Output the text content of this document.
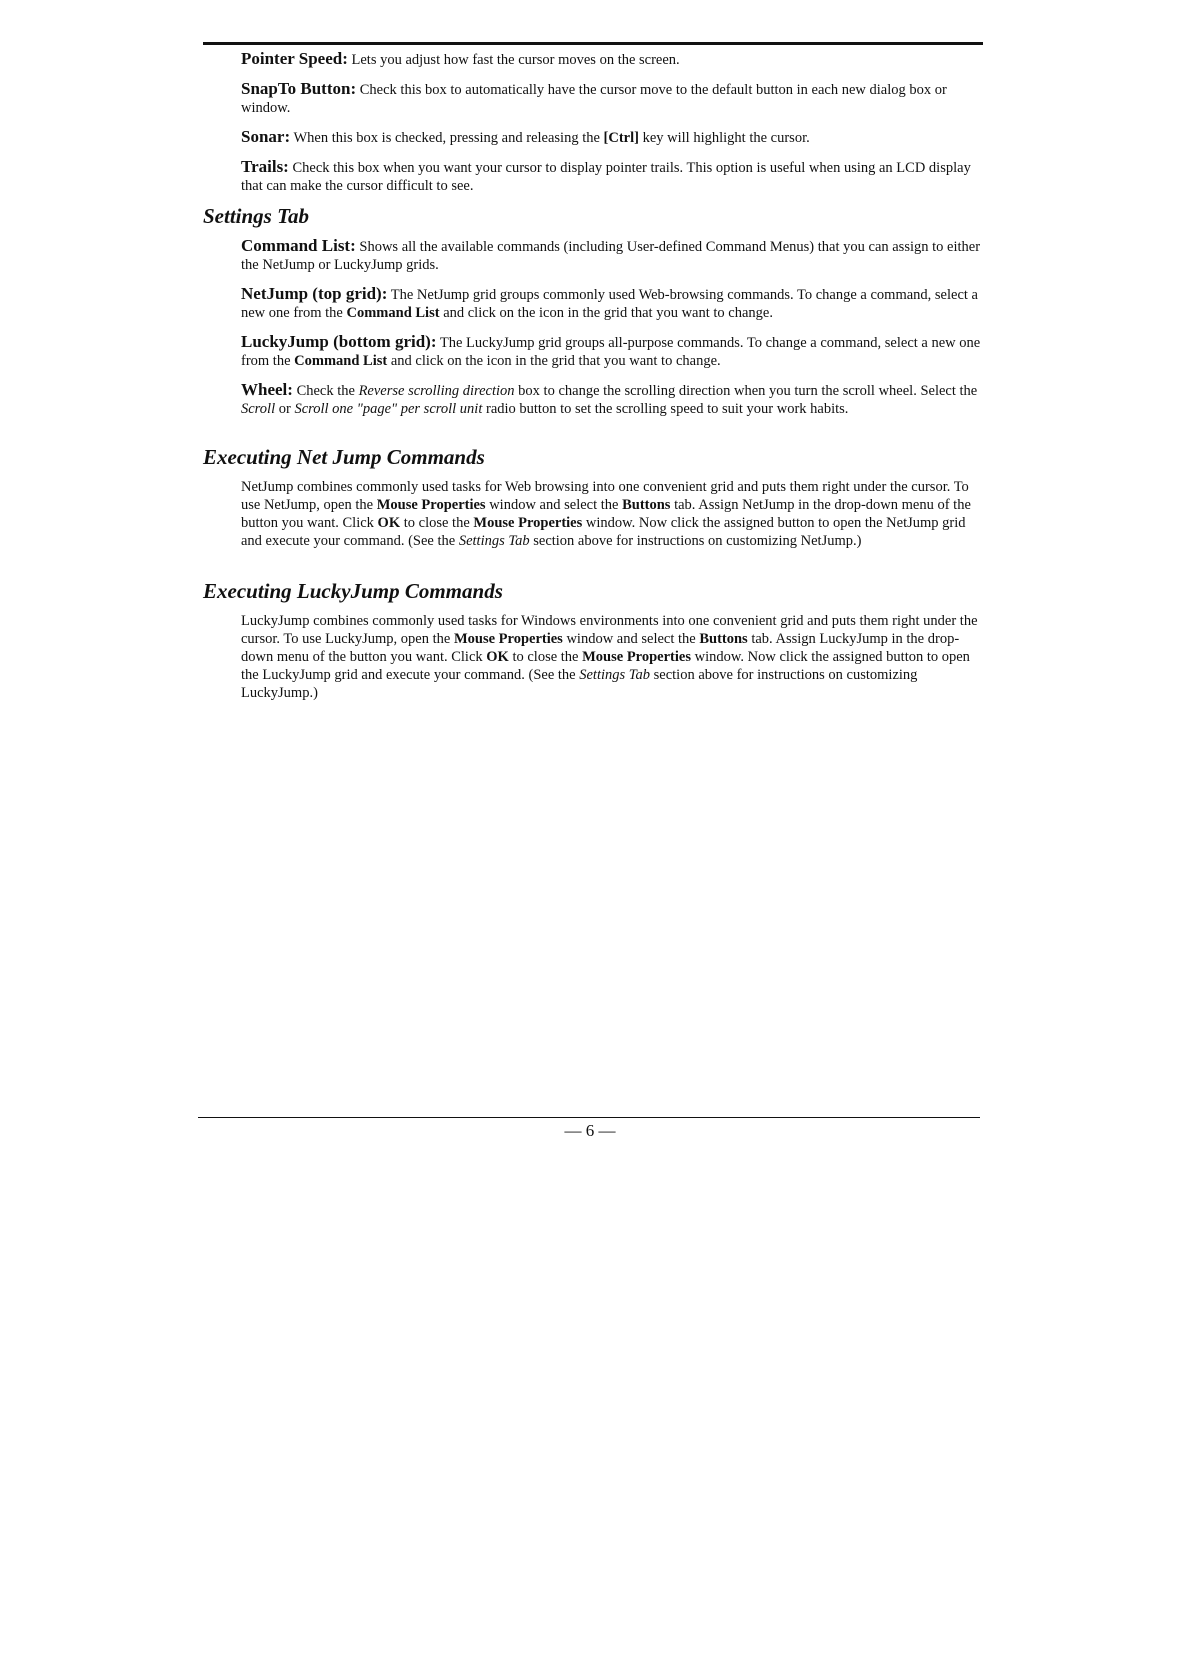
Pointer Speed: Lets you adjust how fast the cursor moves on the screen.

SnapTo Button: Check this box to automatically have the cursor move to the default button in each new dialog box or window.

Sonar: When this box is checked, pressing and releasing the [Ctrl] key will highlight the cursor.

Trails: Check this box when you want your cursor to display pointer trails. This option is useful when using an LCD display that can make the cursor difficult to see.

Settings Tab

Command List: Shows all the available commands (including User-defined Command Menus) that you can assign to either the NetJump or LuckyJump grids.

NetJump (top grid): The NetJump grid groups commonly used Web-browsing commands. To change a command, select a new one from the Command List and click on the icon in the grid that you want to change.

LuckyJump (bottom grid): The LuckyJump grid groups all-purpose commands. To change a command, select a new one from the Command List and click on the icon in the grid that you want to change.

Wheel: Check the Reverse scrolling direction box to change the scrolling direction when you turn the scroll wheel. Select the Scroll or Scroll one "page" per scroll unit radio button to set the scrolling speed to suit your work habits.

Executing Net Jump Commands

NetJump combines commonly used tasks for Web browsing into one convenient grid and puts them right under the cursor. To use NetJump, open the Mouse Properties window and select the Buttons tab. Assign NetJump in the drop-down menu of the button you want. Click OK to close the Mouse Properties window. Now click the assigned button to open the NetJump grid and execute your command. (See the Settings Tab section above for instructions on customizing NetJump.)

Executing LuckyJump Commands

LuckyJump combines commonly used tasks for Windows environments into one convenient grid and puts them right under the cursor. To use LuckyJump, open the Mouse Properties window and select the Buttons tab. Assign LuckyJump in the drop-down menu of the button you want. Click OK to close the Mouse Properties window. Now click the assigned button to open the LuckyJump grid and execute your command. (See the Settings Tab section above for instructions on customizing LuckyJump.)

— 6 —
